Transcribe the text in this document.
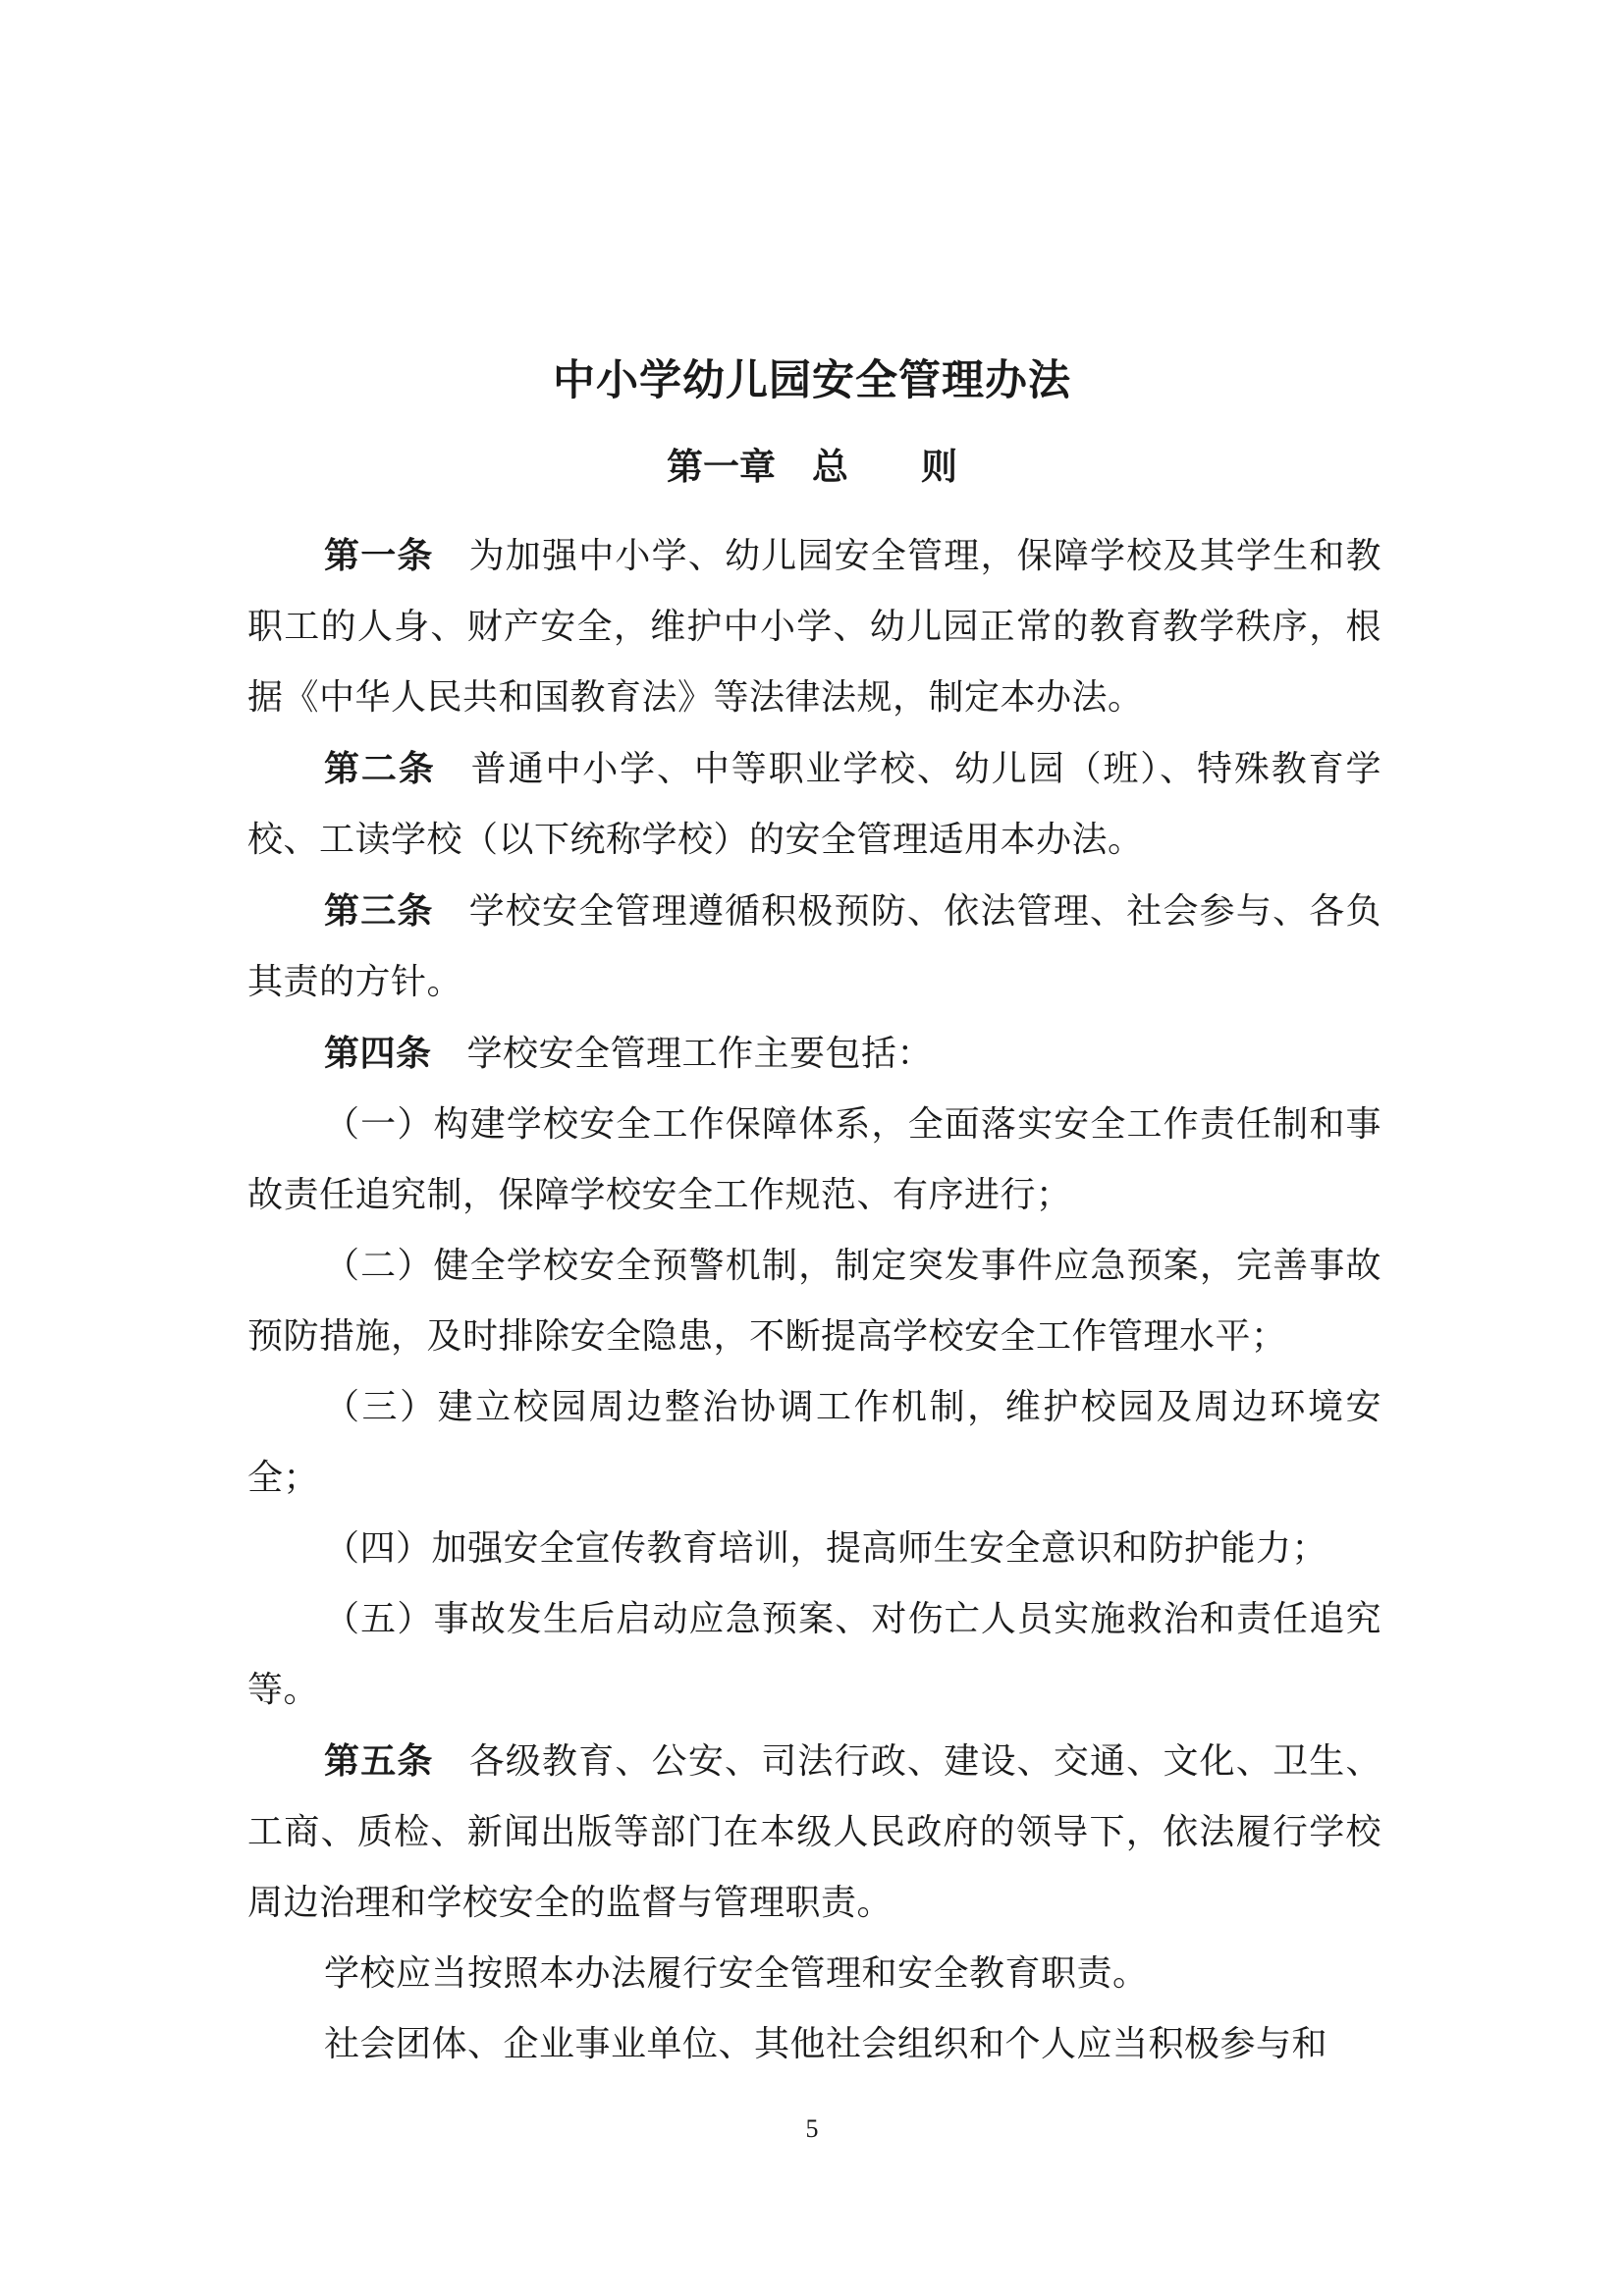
中小学幼儿园安全管理办法
第一章　总　　则

第一条 为加强中小学、幼儿园安全管理，保障学校及其学生和教职工的人身、财产安全，维护中小学、幼儿园正常的教育教学秩序，根据《中华人民共和国教育法》等法律法规，制定本办法。

第二条 普通中小学、中等职业学校、幼儿园（班）、特殊教育学校、工读学校（以下统称学校）的安全管理适用本办法。

第三条 学校安全管理遵循积极预防、依法管理、社会参与、各负其责的方针。

第四条 学校安全管理工作主要包括：

（一）构建学校安全工作保障体系，全面落实安全工作责任制和事故责任追究制，保障学校安全工作规范、有序进行；

（二）健全学校安全预警机制，制定突发事件应急预案，完善事故预防措施，及时排除安全隐患，不断提高学校安全工作管理水平；

（三）建立校园周边整治协调工作机制，维护校园及周边环境安全；

（四）加强安全宣传教育培训，提高师生安全意识和防护能力；

（五）事故发生后启动应急预案、对伤亡人员实施救治和责任追究等。

第五条 各级教育、公安、司法行政、建设、交通、文化、卫生、工商、质检、新闻出版等部门在本级人民政府的领导下，依法履行学校周边治理和学校安全的监督与管理职责。

学校应当按照本办法履行安全管理和安全教育职责。

社会团体、企业事业单位、其他社会组织和个人应当积极参与和

5
